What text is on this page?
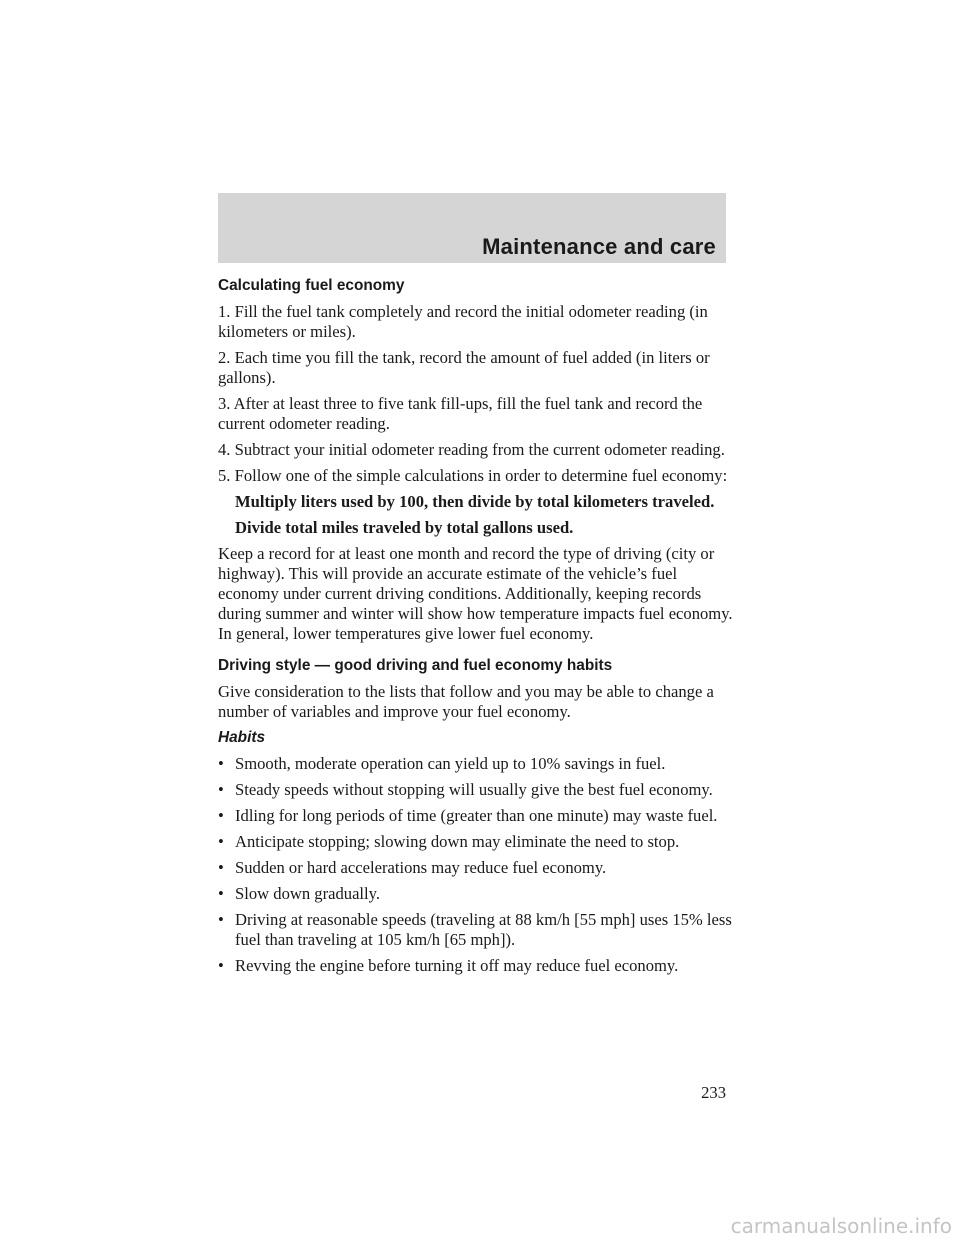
Maintenance and care
Calculating fuel economy

1. Fill the fuel tank completely and record the initial odometer reading (in kilometers or miles).

2. Each time you fill the tank, record the amount of fuel added (in liters or gallons).

3. After at least three to five tank fill-ups, fill the fuel tank and record the current odometer reading.

4. Subtract your initial odometer reading from the current odometer reading.

5. Follow one of the simple calculations in order to determine fuel economy:

Multiply liters used by 100, then divide by total kilometers traveled.

Divide total miles traveled by total gallons used.

Keep a record for at least one month and record the type of driving (city or highway). This will provide an accurate estimate of the vehicle’s fuel economy under current driving conditions. Additionally, keeping records during summer and winter will show how temperature impacts fuel economy. In general, lower temperatures give lower fuel economy.

Driving style — good driving and fuel economy habits

Give consideration to the lists that follow and you may be able to change a number of variables and improve your fuel economy.

Habits
• Smooth, moderate operation can yield up to 10% savings in fuel.
• Steady speeds without stopping will usually give the best fuel economy.
• Idling for long periods of time (greater than one minute) may waste fuel.
• Anticipate stopping; slowing down may eliminate the need to stop.
• Sudden or hard accelerations may reduce fuel economy.
• Slow down gradually.
• Driving at reasonable speeds (traveling at 88 km/h [55 mph] uses 15% less fuel than traveling at 105 km/h [65 mph]).
• Revving the engine before turning it off may reduce fuel economy.
233
carmanualsonline.info
